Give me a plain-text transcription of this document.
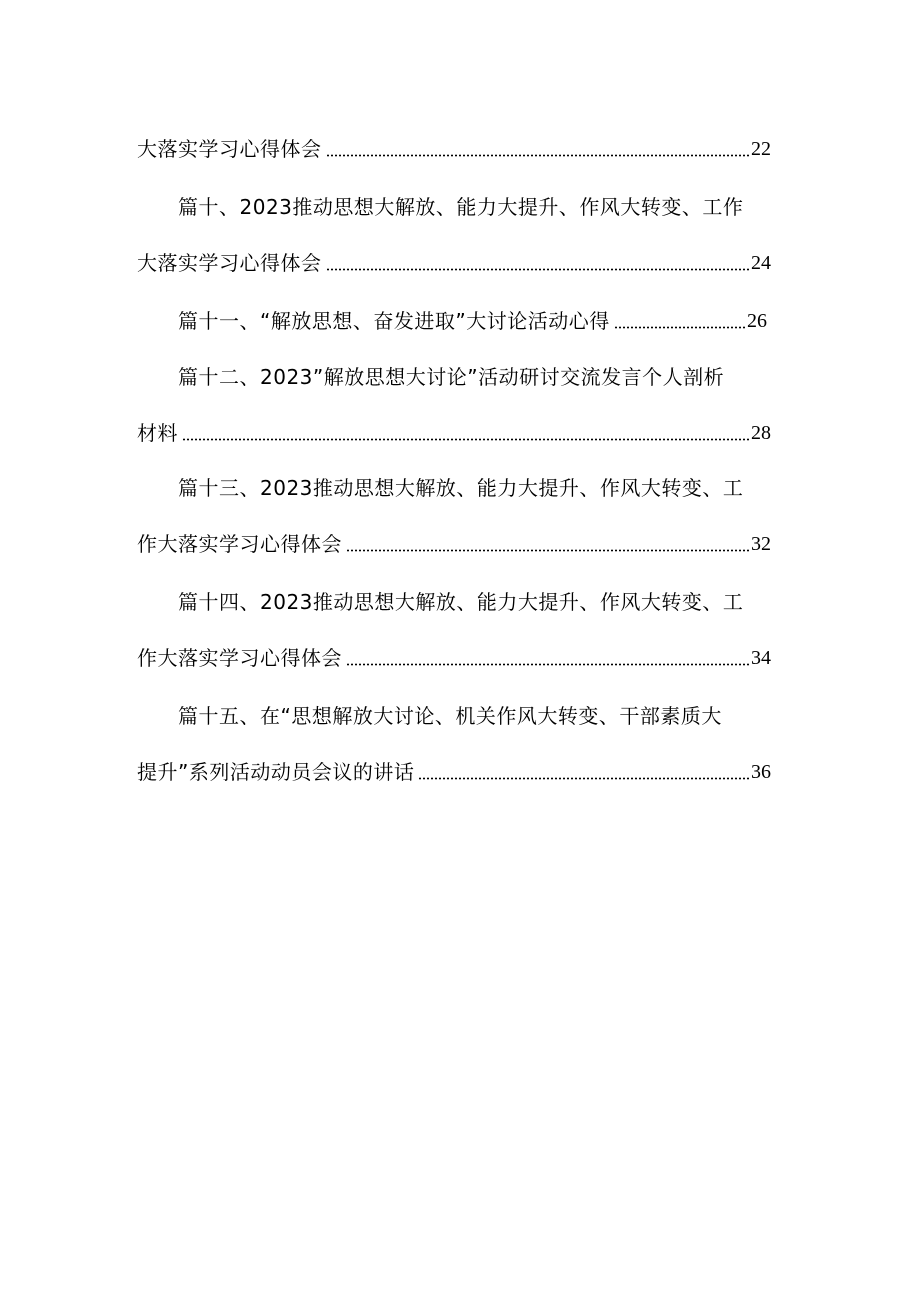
大落实学习心得体会	22
篇十、2023推动思想大解放、能力大提升、作风大转变、工作
大落实学习心得体会	24
篇十一、“解放思想、奋发进取”大讨论活动心得	26
篇十二、2023”解放思想大讨论”活动研讨交流发言个人剖析
材料	28
篇十三、2023推动思想大解放、能力大提升、作风大转变、工
作大落实学习心得体会	32
篇十四、2023推动思想大解放、能力大提升、作风大转变、工
作大落实学习心得体会	34
篇十五、在“思想解放大讨论、机关作风大转变、干部素质大
提升”系列活动动员会议的讲话	36
